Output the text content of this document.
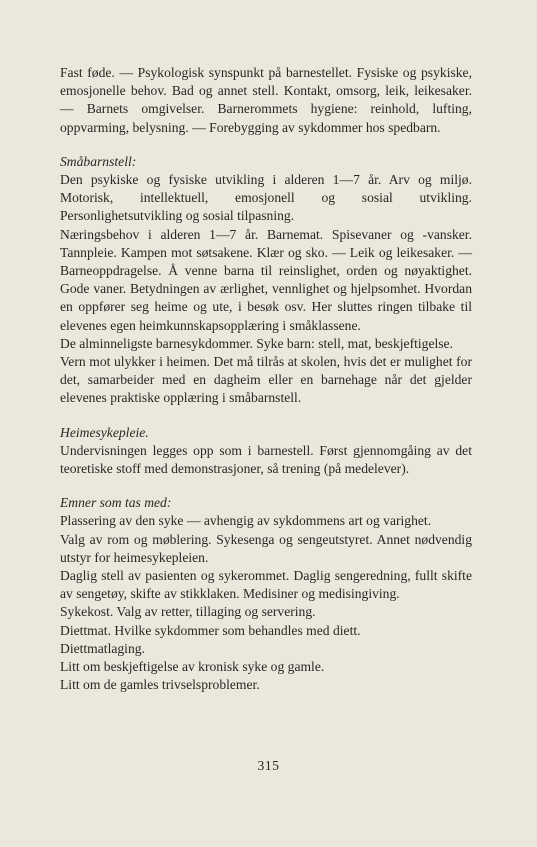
Fast føde. — Psykologisk synspunkt på barnestellet. Fysiske og psykiske, emosjonelle behov. Bad og annet stell. Kontakt, omsorg, leik, leikesaker. — Barnets omgivelser. Barnerommets hygiene: reinhold, lufting, oppvarming, belysning. — Forebygging av sykdommer hos spedbarn.

Småbarnstell:

Den psykiske og fysiske utvikling i alderen 1—7 år. Arv og miljø. Motorisk, intellektuell, emosjonell og sosial utvikling. Personlighetsutvikling og sosial tilpasning.

Næringsbehov i alderen 1—7 år. Barnemat. Spisevaner og -vansker. Tannpleie. Kampen mot søtsakene. Klær og sko. — Leik og leikesaker. — Barneoppdragelse. Å venne barna til reinslighet, orden og nøyaktighet. Gode vaner. Betydningen av ærlighet, vennlighet og hjelpsomhet. Hvordan en oppfører seg heime og ute, i besøk osv. Her sluttes ringen tilbake til elevenes egen heimkunnskapsopplæring i småklassene.

De alminneligste barnesykdommer. Syke barn: stell, mat, beskjeftigelse.

Vern mot ulykker i heimen. Det må tilrås at skolen, hvis det er mulighet for det, samarbeider med en dagheim eller en barnehage når det gjelder elevenes praktiske opplæring i småbarnstell.

Heimesykepleie.

Undervisningen legges opp som i barnestell. Først gjennomgåing av det teoretiske stoff med demonstrasjoner, så trening (på medelever).

Emner som tas med:

Plassering av den syke — avhengig av sykdommens art og varighet.

Valg av rom og møblering. Sykesenga og sengeutstyret. Annet nødvendig utstyr for heimesykepleien.

Daglig stell av pasienten og sykerommet. Daglig sengeredning, fullt skifte av sengetøy, skifte av stikklaken. Medisiner og medisingiving.

Sykekost. Valg av retter, tillaging og servering.

Diettmat. Hvilke sykdommer som behandles med diett.

Diettmatlaging.

Litt om beskjeftigelse av kronisk syke og gamle.

Litt om de gamles trivselsproblemer.

315
